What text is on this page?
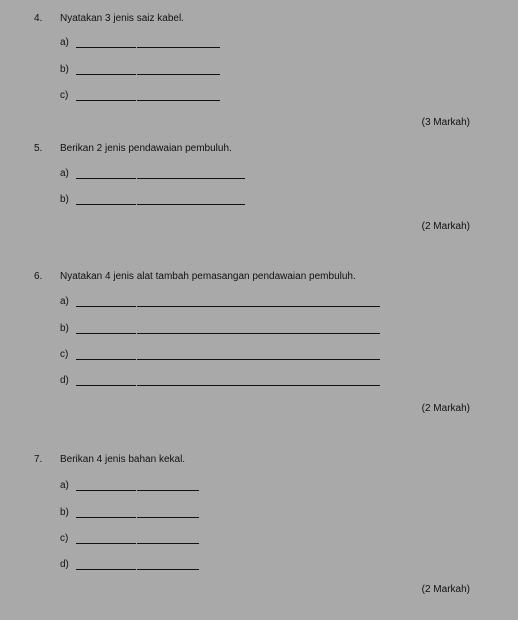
4. Nyatakan 3 jenis saiz kabel.
a)
b)
c)
(3 Markah)
5. Berikan 2 jenis pendawaian pembuluh.
a)
b)
(2 Markah)
6. Nyatakan 4 jenis alat tambah pemasangan pendawaian pembuluh.
a)
b)
c)
d)
(2 Markah)
7. Berikan 4 jenis bahan kekal.
a)
b)
c)
d)
(2 Markah)
